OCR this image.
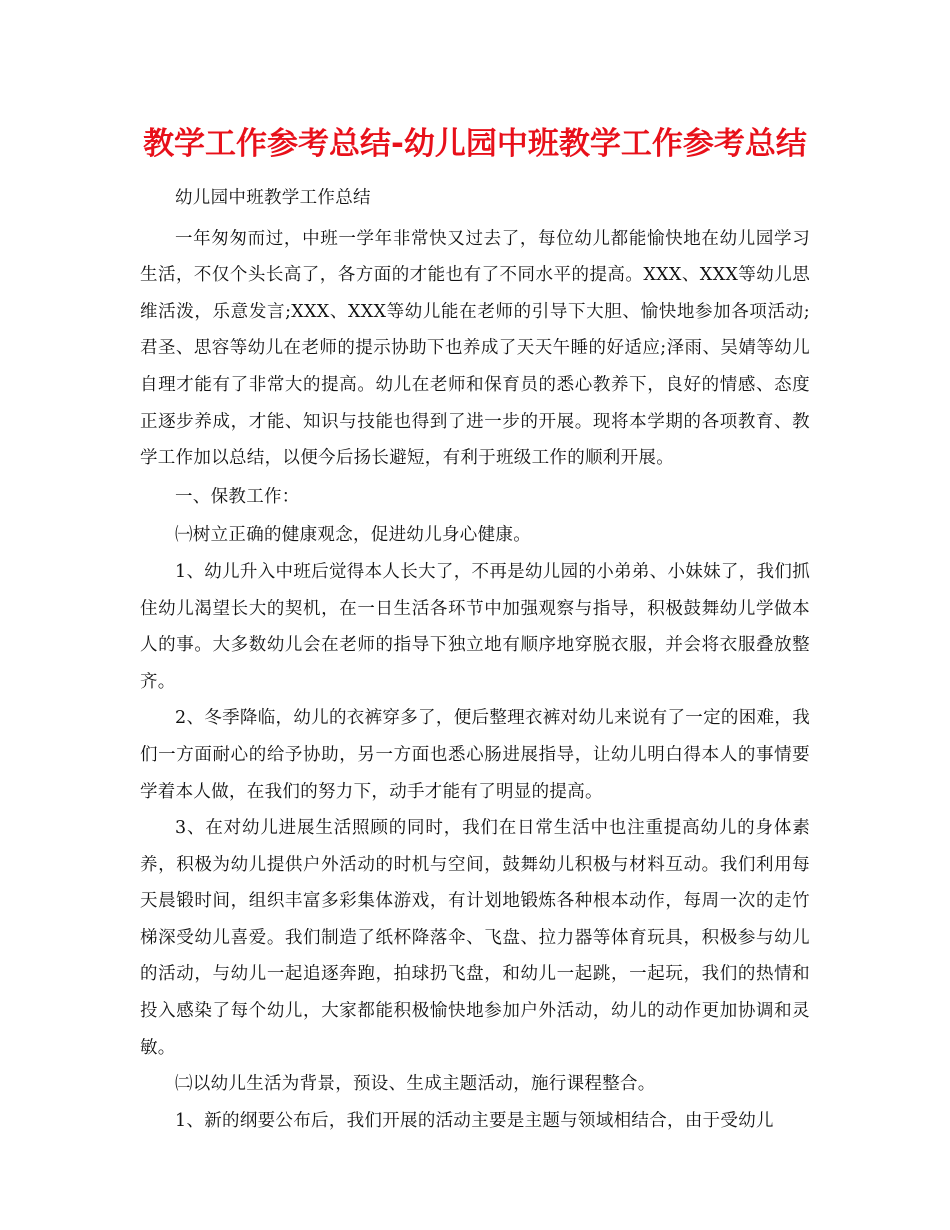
教学工作参考总结-幼儿园中班教学工作参考总结

幼儿园中班教学工作总结

一年匆匆而过，中班一学年非常快又过去了，每位幼儿都能愉快地在幼儿园学习生活，不仅个头长高了，各方面的才能也有了不同水平的提高。XXX、XXX等幼儿思维活泼，乐意发言;XXX、XXX等幼儿能在老师的引导下大胆、愉快地参加各项活动;君圣、思容等幼儿在老师的提示协助下也养成了天天午睡的好适应;泽雨、吴婧等幼儿自理才能有了非常大的提高。幼儿在老师和保育员的悉心教养下，良好的情感、态度正逐步养成，才能、知识与技能也得到了进一步的开展。现将本学期的各项教育、教学工作加以总结，以便今后扬长避短，有利于班级工作的顺利开展。

一、保教工作：

㈠树立正确的健康观念，促进幼儿身心健康。

1、幼儿升入中班后觉得本人长大了，不再是幼儿园的小弟弟、小妹妹了，我们抓住幼儿渴望长大的契机，在一日生活各环节中加强观察与指导，积极鼓舞幼儿学做本人的事。大多数幼儿会在老师的指导下独立地有顺序地穿脱衣服，并会将衣服叠放整齐。

2、冬季降临，幼儿的衣裤穿多了，便后整理衣裤对幼儿来说有了一定的困难，我们一方面耐心的给予协助，另一方面也悉心肠进展指导，让幼儿明白得本人的事情要学着本人做，在我们的努力下，动手才能有了明显的提高。

3、在对幼儿进展生活照顾的同时，我们在日常生活中也注重提高幼儿的身体素养，积极为幼儿提供户外活动的时机与空间，鼓舞幼儿积极与材料互动。我们利用每天晨锻时间，组织丰富多彩集体游戏，有计划地锻炼各种根本动作，每周一次的走竹梯深受幼儿喜爱。我们制造了纸杯降落伞、飞盘、拉力器等体育玩具，积极参与幼儿的活动，与幼儿一起追逐奔跑，拍球扔飞盘，和幼儿一起跳，一起玩，我们的热情和投入感染了每个幼儿，大家都能积极愉快地参加户外活动，幼儿的动作更加协调和灵敏。

㈡以幼儿生活为背景，预设、生成主题活动，施行课程整合。

1、新的纲要公布后，我们开展的活动主要是主题与领域相结合，由于受幼儿
